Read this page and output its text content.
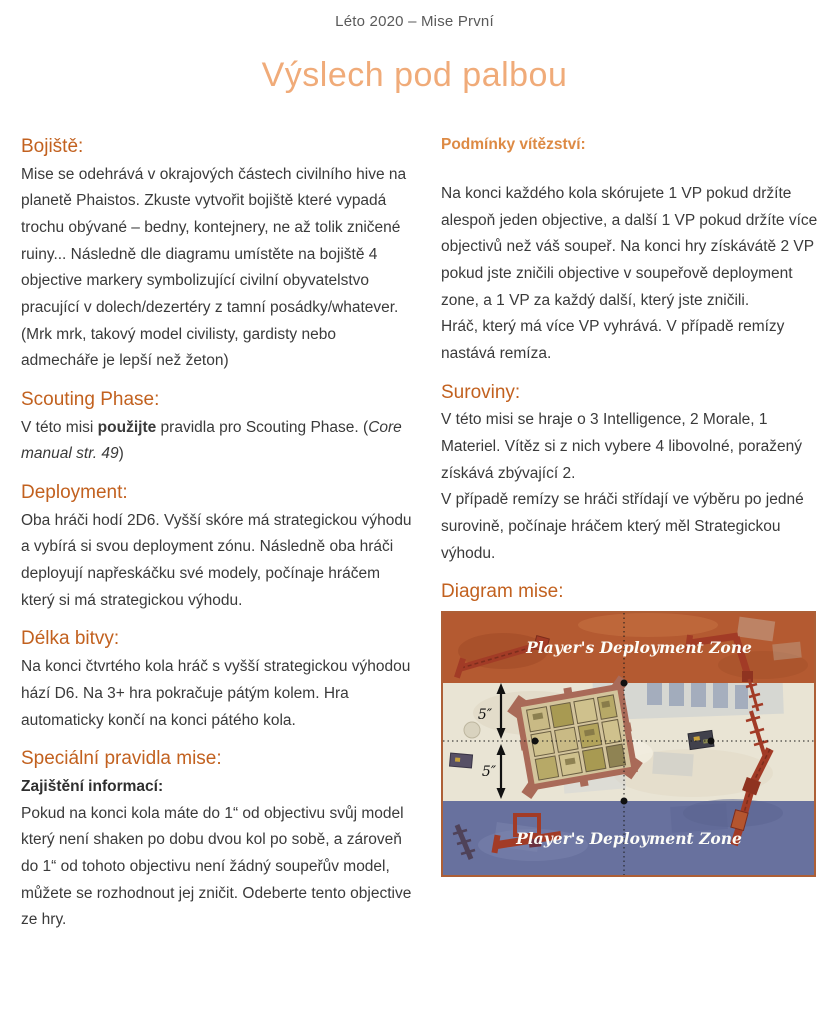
Léto 2020 – Mise První
Výslech pod palbou
Bojiště:

Mise se odehrává v okrajových částech civilního hive na planetě Phaistos. Zkuste vytvořit bojiště které vypadá trochu obývané – bedny, kontejnery, ne až tolik zničené ruiny... Následně dle diagramu umístěte na bojiště 4 objective markery symbolizující civilní obyvatelstvo pracující v dolech/dezertéry z tamní posádky/whatever. (Mrk mrk, takový model civilisty, gardisty nebo admecháře je lepší než žeton)

Scouting Phase:

V této misi použijte pravidla pro Scouting Phase. (Core manual str. 49)

Deployment:

Oba hráči hodí 2D6. Vyšší skóre má strategickou výhodu a vybírá si svou deployment zónu. Následně oba hráči deployují napřeskáčku své modely, počínaje hráčem který si má strategickou výhodu.

Délka bitvy:

Na konci čtvrtého kola hráč s vyšší strategickou výhodou hází D6. Na 3+ hra pokračuje pátým kolem. Hra automaticky končí na konci pátého kola.

Speciální pravidla mise:
Zajištění informací:

Pokud na konci kola máte do 1“ od objectivu svůj model který není shaken po dobu dvou kol po sobě, a zároveň do 1“ od tohoto objectivu není žádný soupeřův model, můžete se rozhodnout jej zničit. Odeberte tento objective ze hry.

Podmínky vítězství:

Na konci každého kola skórujete 1 VP pokud držíte alespoň jeden objective, a další 1 VP pokud držíte více objectivů než váš soupeř. Na konci hry získávátě 2 VP pokud jste zničili objective v soupeřově deployment zone, a 1 VP za každý další, který jste zničili.

Hráč, který má více VP vyhrává. V případě remízy nastává remíza.

Suroviny:

V této misi se hraje o 3 Intelligence, 2 Morale, 1 Materiel. Vítěz si z nich vybere 4 libovolné, poražený získává zbývající 2.

V případě remízy se hráči střídají ve výběru po jedné surovině, počínaje hráčem který měl Strategickou výhodu.

Diagram mise:
Player's Deployment Zone
Player's Deployment Zone
5″
5″
